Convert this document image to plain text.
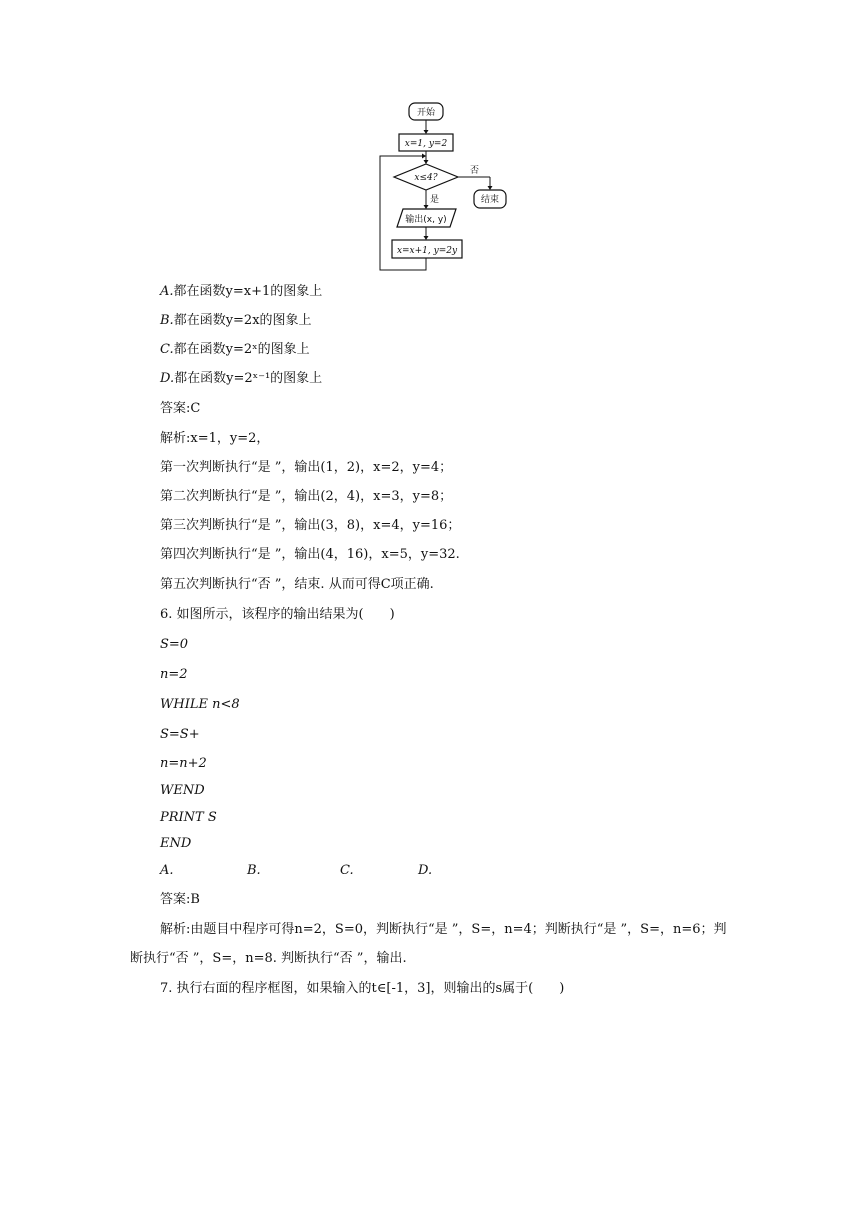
开始
x=1, y=2
x≤4?
否
结束
是
输出(x, y)
x=x+1, y=2y
A.都在函数y=x+1的图象上
B.都在函数y=2x的图象上
C.都在函数y=2ˣ的图象上
D.都在函数y=2ˣ⁻¹的图象上
答案:C
解析:x=1，y=2，
第一次判断执行“是 ”，输出(1，2)，x=2，y=4；
第二次判断执行“是 ”，输出(2，4)，x=3，y=8；
第三次判断执行“是 ”，输出(3，8)，x=4，y=16；
第四次判断执行“是 ”，输出(4，16)，x=5，y=32.
第五次判断执行“否 ”，结束. 从而可得C项正确.
6. 如图所示，该程序的输出结果为(　　)
S=0
n=2
WHILE n<8
S=S+
n=n+2
WEND
PRINT S
END
A.	B.	C.	D.
答案:B
解析:由题目中程序可得n=2，S=0，判断执行“是 ”，S=，n=4；判断执行“是 ”，S=，n=6；判断执行“否 ”，S=，n=8. 判断执行“否 ”，输出.
7. 执行右面的程序框图，如果输入的t∈[-1，3]，则输出的s属于(　　)
